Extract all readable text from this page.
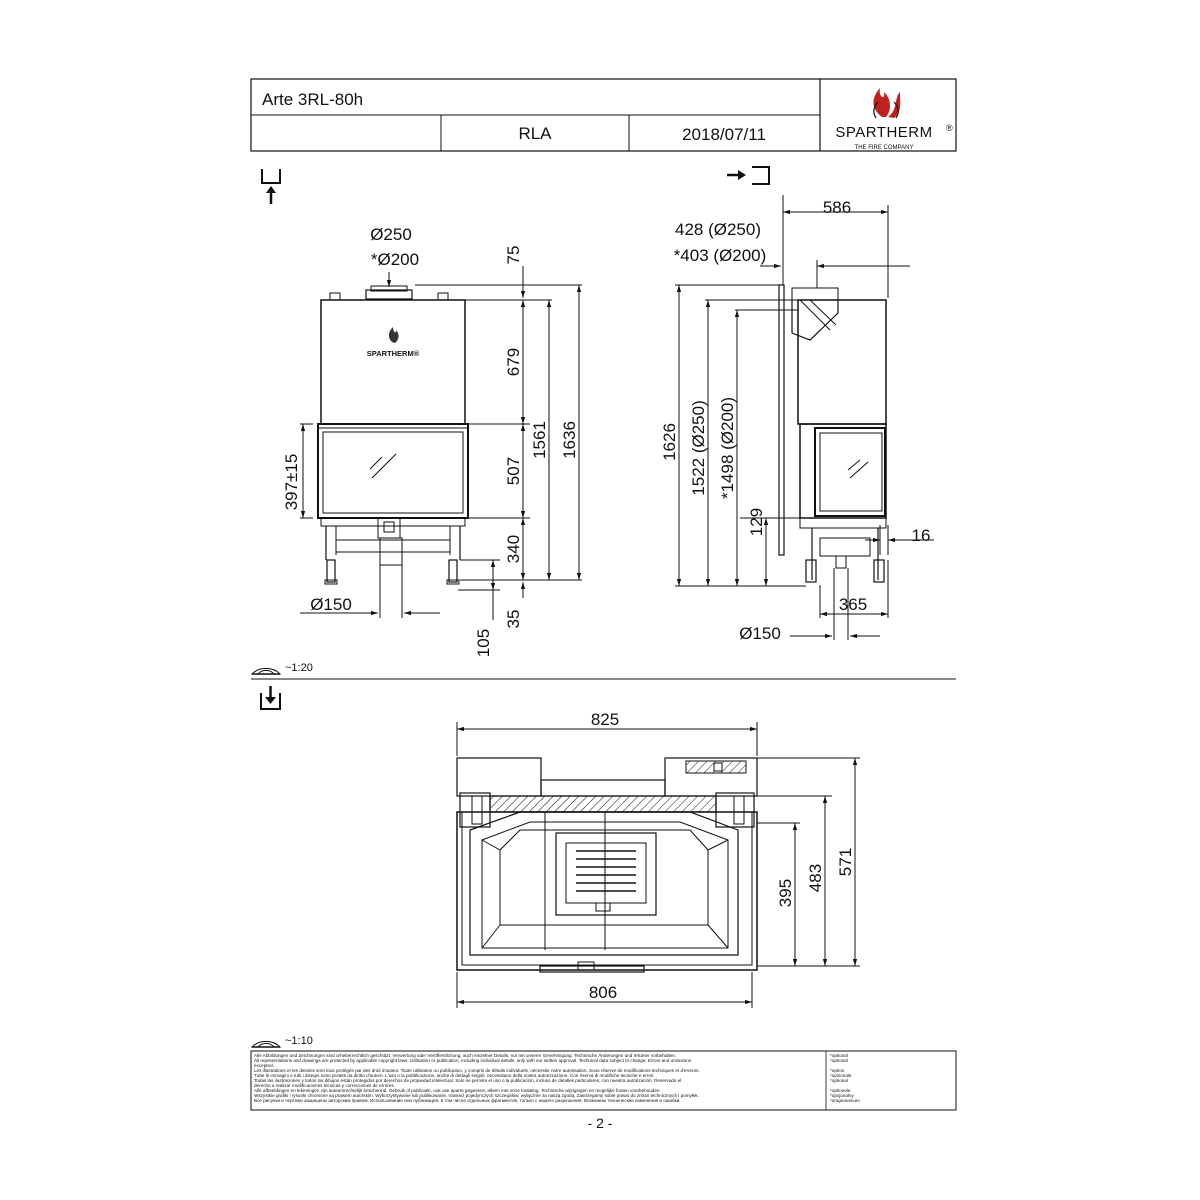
Arte 3RL-80h
RLA	2018/07/11	SPARTHERM ®
THE FIRE COMPANY
SPARTHERM®
Ø250
*Ø200	75
679
507
340
35
1561 1636
105
397±15
Ø150
586
428 (Ø250)
*403 (Ø200)
1626 1522 (Ø250) *1498 (Ø200)
129	16
365
Ø150
~1:20
825
806
395
483
571
~1:10
Alle Abbildungen und Zeichnungen sind urheberrechtlich geschützt. Verwertung oder Veröffentlichung, auch einzelner Details, nur mit unserer Genehmigung. Technische Änderungen und Irrtümer vorbehalten.
All representations and drawings are protected by applicable copyright laws. Utilisation or publication, including individual details, only with our written approval. Technical data subject to change. Errors and omissions
excepted.
Les illustrations et les dessins sont tous protégés par des droit d'auteur. Toute utilisation ou publication, y compris de détails individuels, nécessite notre autorisation. Sous réserve de modifications techniques et d'erreurs.
Tutte le immagini e tutti i disegni sono protetti da diritto d'autore. L'uso o la pubblicazione, anche di dettagli singoli, necessitano della nostra autorizzazione. Con riserva di modifiche tecniche e errori.
Todas las ilustraciones y todos los dibujos están protegidos por derechos de propiedad intelectual. Solo se permite el uso o la publicación, incluso de detalles particulares, con nuestra autorización. Reservado el
derecho a realizar modificaciones técnicas y correcciones de errores.
Alle afbeeldingen en tekeningen zijn auteursrechtelijk beschermd. Gebruik of publicatie, ook van aparte gegevens, alleen met onze toelating. Technische wijzigingen en mogelijke fouten voorbehouden.
Wszystkie grafiki i rysunki chronione są prawem autorskim. Wykorzystywanie lub publikowanie, również pojedynczych szczegółów, wyłącznie za naszą zgodą. Zastrzegamy sobie prawo do zmian technicznych i pomyłek.
Все рисунки и чертежи защищены авторским правом. Использование или публикация, в том числе отдельных фрагментов, только с нашего разрешения. Возможны технические изменения и ошибки.
*optional
*optional
*option
*opzionale
*optional
*optionele
*opcjonalny
*опционально
- 2 -
